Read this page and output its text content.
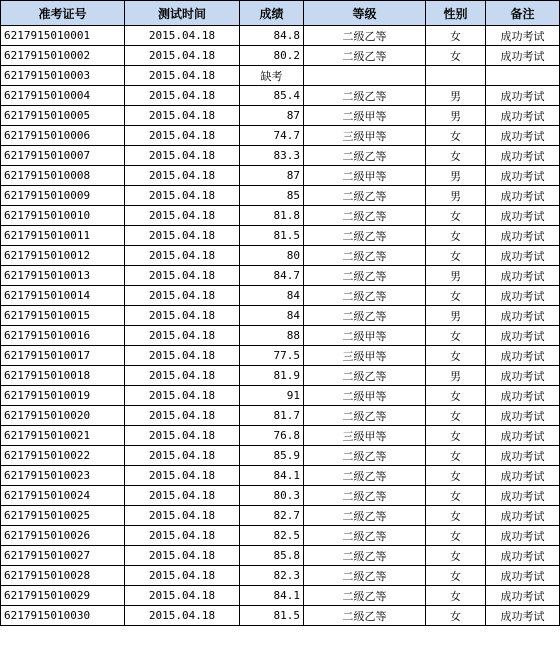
准考证号	测试时间	成绩	等级	性别	备注
6217915010001	2015.04.18	84.8	二级乙等	女	成功考试
6217915010002	2015.04.18	80.2	二级乙等	女	成功考试
6217915010003	2015.04.18	缺考			
6217915010004	2015.04.18	85.4	二级乙等	男	成功考试
6217915010005	2015.04.18	87	二级甲等	男	成功考试
6217915010006	2015.04.18	74.7	三级甲等	女	成功考试
6217915010007	2015.04.18	83.3	二级乙等	女	成功考试
6217915010008	2015.04.18	87	二级甲等	男	成功考试
6217915010009	2015.04.18	85	二级乙等	男	成功考试
6217915010010	2015.04.18	81.8	二级乙等	女	成功考试
6217915010011	2015.04.18	81.5	二级乙等	女	成功考试
6217915010012	2015.04.18	80	二级乙等	女	成功考试
6217915010013	2015.04.18	84.7	二级乙等	男	成功考试
6217915010014	2015.04.18	84	二级乙等	女	成功考试
6217915010015	2015.04.18	84	二级乙等	男	成功考试
6217915010016	2015.04.18	88	二级甲等	女	成功考试
6217915010017	2015.04.18	77.5	三级甲等	女	成功考试
6217915010018	2015.04.18	81.9	二级乙等	男	成功考试
6217915010019	2015.04.18	91	二级甲等	女	成功考试
6217915010020	2015.04.18	81.7	二级乙等	女	成功考试
6217915010021	2015.04.18	76.8	三级甲等	女	成功考试
6217915010022	2015.04.18	85.9	二级乙等	女	成功考试
6217915010023	2015.04.18	84.1	二级乙等	女	成功考试
6217915010024	2015.04.18	80.3	二级乙等	女	成功考试
6217915010025	2015.04.18	82.7	二级乙等	女	成功考试
6217915010026	2015.04.18	82.5	二级乙等	女	成功考试
6217915010027	2015.04.18	85.8	二级乙等	女	成功考试
6217915010028	2015.04.18	82.3	二级乙等	女	成功考试
6217915010029	2015.04.18	84.1	二级乙等	女	成功考试
6217915010030	2015.04.18	81.5	二级乙等	女	成功考试
